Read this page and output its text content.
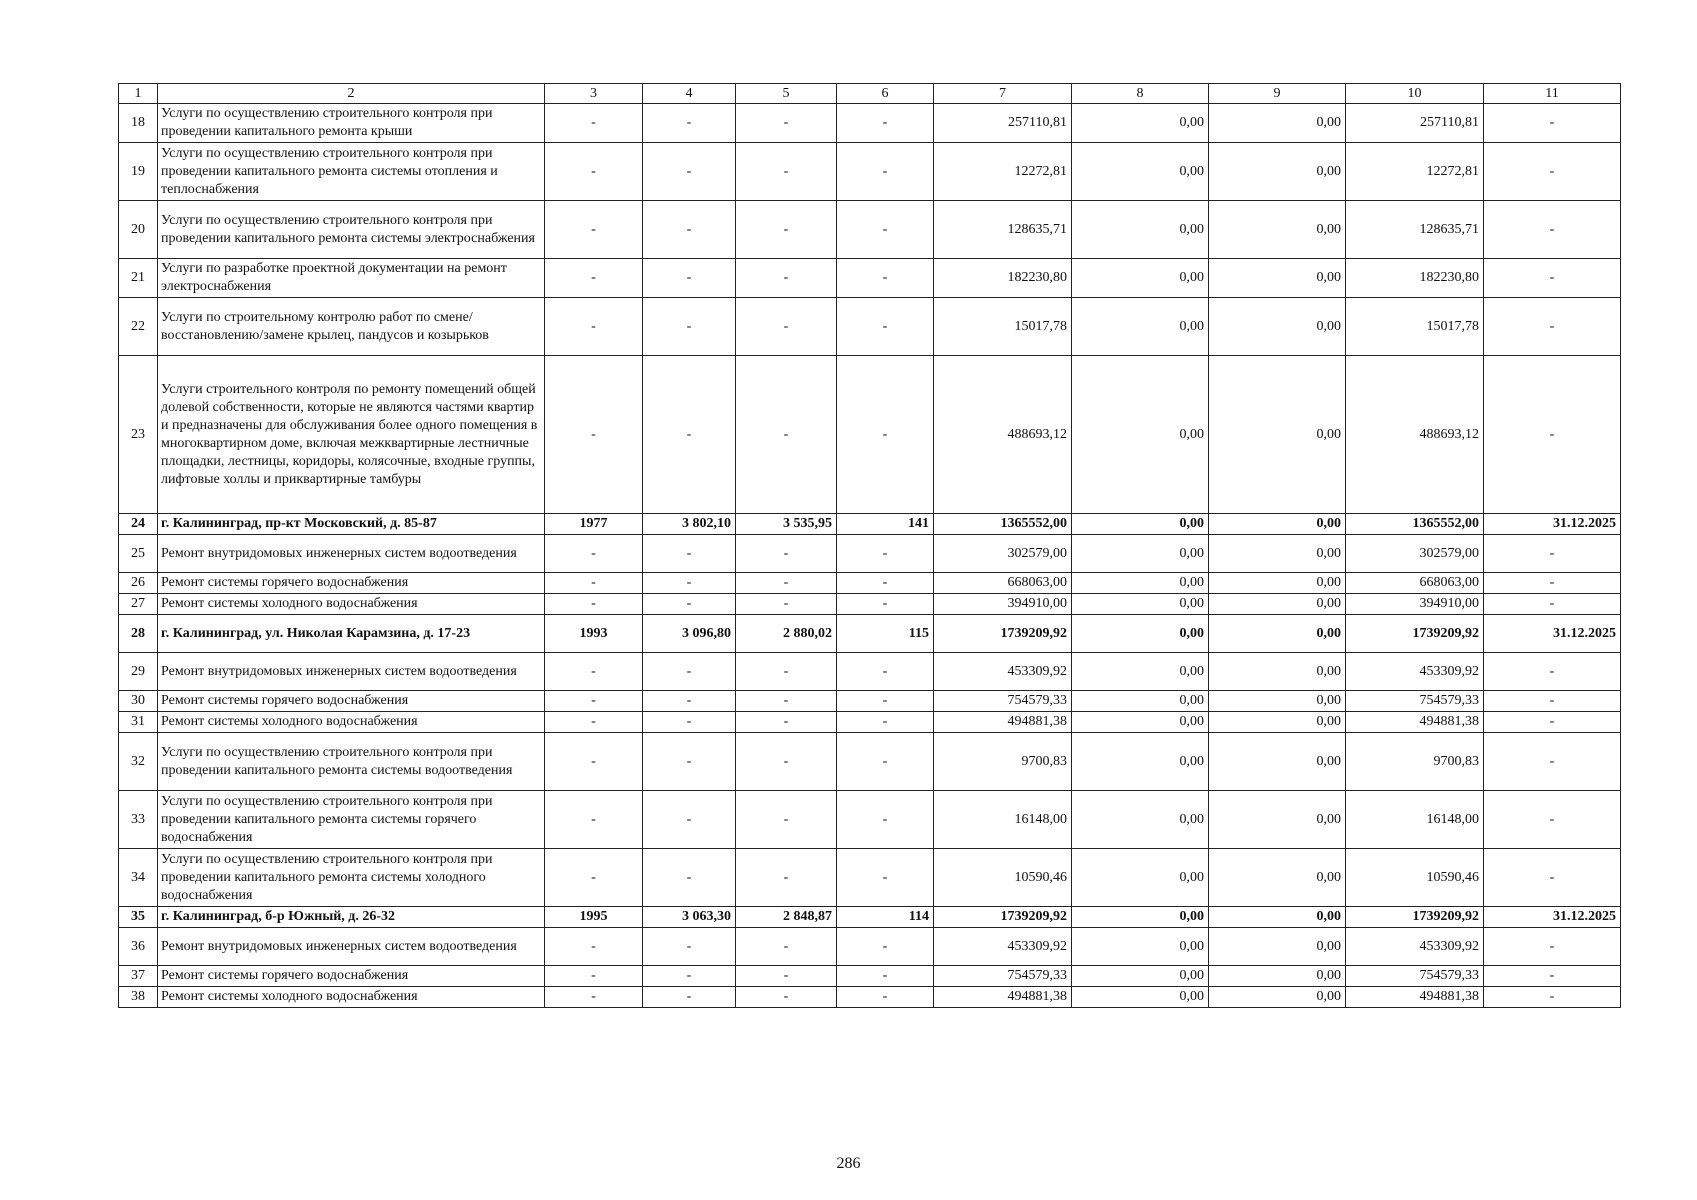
1	2	3	4	5	6	7	8	9	10	11
18	Услуги по осуществлению строительного контроля при проведении капитального ремонта крыши	-	-	-	-	257110,81	0,00	0,00	257110,81	-
19	Услуги по осуществлению строительного контроля при проведении капитального ремонта системы отопления и теплоснабжения	-	-	-	-	12272,81	0,00	0,00	12272,81	-
20	Услуги по осуществлению строительного контроля при проведении капитального ремонта системы электроснабжения	-	-	-	-	128635,71	0,00	0,00	128635,71	-
21	Услуги по разработке проектной документации на ремонт электроснабжения	-	-	-	-	182230,80	0,00	0,00	182230,80	-
22	Услуги по строительному контролю работ по смене/восстановлению/замене крылец, пандусов и козырьков	-	-	-	-	15017,78	0,00	0,00	15017,78	-
23	Услуги строительного контроля по ремонту помещений общей долевой собственности, которые не являются частями квартир и предназначены для обслуживания более одного помещения в многоквартирном доме, включая межквартирные лестничные площадки, лестницы, коридоры, колясочные, входные группы, лифтовые холлы и приквартирные тамбуры	-	-	-	-	488693,12	0,00	0,00	488693,12	-
24	г. Калининград, пр-кт Московский, д. 85-87	1977	3 802,10	3 535,95	141	1365552,00	0,00	0,00	1365552,00	31.12.2025
25	Ремонт внутридомовых инженерных систем водоотведения	-	-	-	-	302579,00	0,00	0,00	302579,00	-
26	Ремонт системы горячего водоснабжения	-	-	-	-	668063,00	0,00	0,00	668063,00	-
27	Ремонт системы холодного водоснабжения	-	-	-	-	394910,00	0,00	0,00	394910,00	-
28	г. Калининград, ул. Николая Карамзина, д. 17-23	1993	3 096,80	2 880,02	115	1739209,92	0,00	0,00	1739209,92	31.12.2025
29	Ремонт внутридомовых инженерных систем водоотведения	-	-	-	-	453309,92	0,00	0,00	453309,92	-
30	Ремонт системы горячего водоснабжения	-	-	-	-	754579,33	0,00	0,00	754579,33	-
31	Ремонт системы холодного водоснабжения	-	-	-	-	494881,38	0,00	0,00	494881,38	-
32	Услуги по осуществлению строительного контроля при проведении капитального ремонта системы водоотведения	-	-	-	-	9700,83	0,00	0,00	9700,83	-
33	Услуги по осуществлению строительного контроля при проведении капитального ремонта системы горячего водоснабжения	-	-	-	-	16148,00	0,00	0,00	16148,00	-
34	Услуги по осуществлению строительного контроля при проведении капитального ремонта системы холодного водоснабжения	-	-	-	-	10590,46	0,00	0,00	10590,46	-
35	г. Калининград, б-р Южный, д. 26-32	1995	3 063,30	2 848,87	114	1739209,92	0,00	0,00	1739209,92	31.12.2025
36	Ремонт внутридомовых инженерных систем водоотведения	-	-	-	-	453309,92	0,00	0,00	453309,92	-
37	Ремонт системы горячего водоснабжения	-	-	-	-	754579,33	0,00	0,00	754579,33	-
38	Ремонт системы холодного водоснабжения	-	-	-	-	494881,38	0,00	0,00	494881,38	-
286
